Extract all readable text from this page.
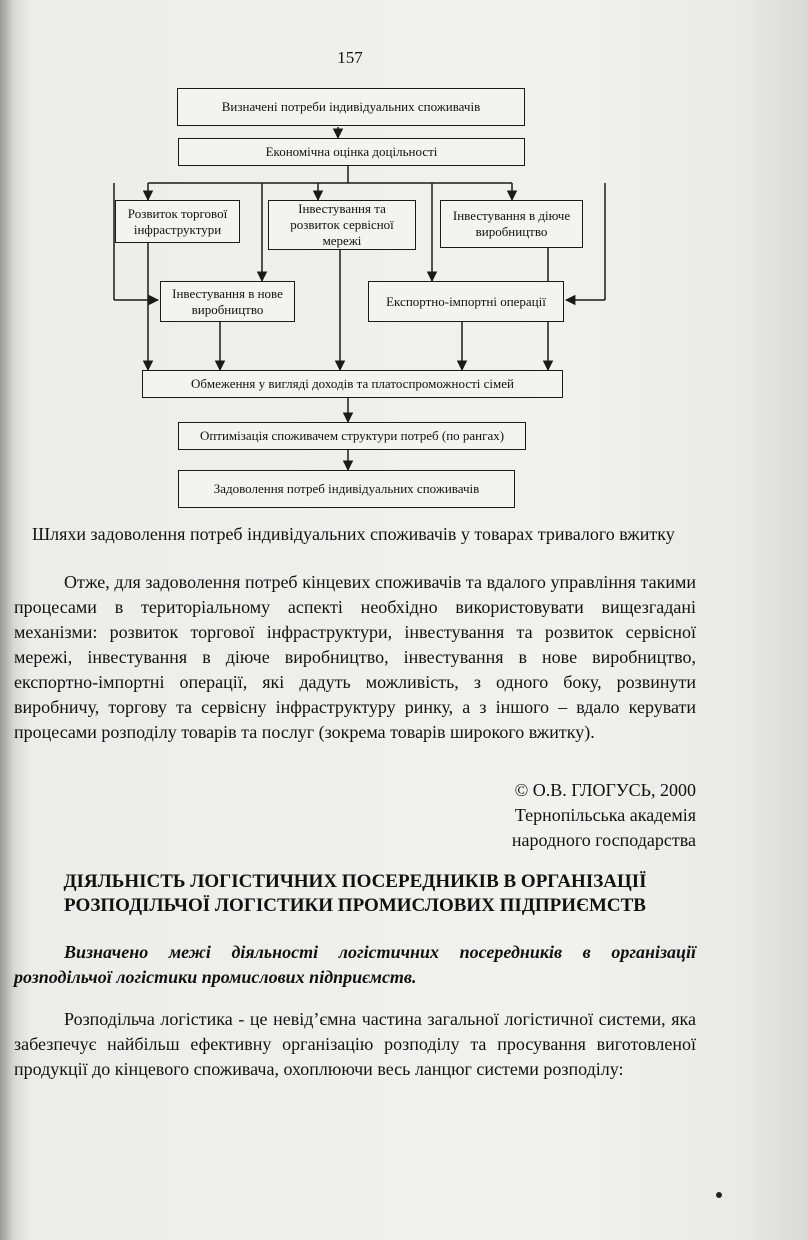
157
Визначені потреби індивідуальних споживачів
Економічна оцінка доцільності
Розвиток торгової інфраструктури
Інвестування та розвиток сервісної мережі
Інвестування в діюче виробництво
Інвестування в нове виробництво
Експортно-імпортні операції
Обмеження у вигляді доходів та платоспроможності сімей
Оптимізація споживачем структури потреб (по рангах)
Задоволення потреб індивідуальних споживачів
Шляхи задоволення потреб індивідуальних споживачів у товарах тривалого вжитку

Отже, для задоволення потреб кінцевих споживачів та вдалого управління такими процесами в територіальному аспекті необхідно використовувати вищезгадані механізми: розвиток торгової інфраструктури, інвестування та розвиток сервісної мережі, інвестування в діюче виробництво, інвестування в нове виробництво, експортно-імпортні операції, які дадуть можливість, з одного боку, розвинути виробничу, торгову та сервісну інфраструктуру ринку, а з іншого – вдало керувати процесами розподілу товарів та послуг (зокрема товарів широкого вжитку).

© О.В. ГЛОГУСЬ, 2000
Тернопільська академія
народного господарства
ДІЯЛЬНІСТЬ ЛОГІСТИЧНИХ ПОСЕРЕДНИКІВ В ОРГАНІЗАЦІЇ РОЗПОДІЛЬЧОЇ ЛОГІСТИКИ ПРОМИСЛОВИХ ПІДПРИЄМСТВ

Визначено межі діяльності логістичних посередників в організації розподільчої логістики промислових підприємств.

Розподільча логістика - це невід’ємна частина загальної логістичної системи, яка забезпечує найбільш ефективну організацію розподілу та просування виготовленої продукції до кінцевого споживача, охоплюючи весь ланцюг системи розподілу:
